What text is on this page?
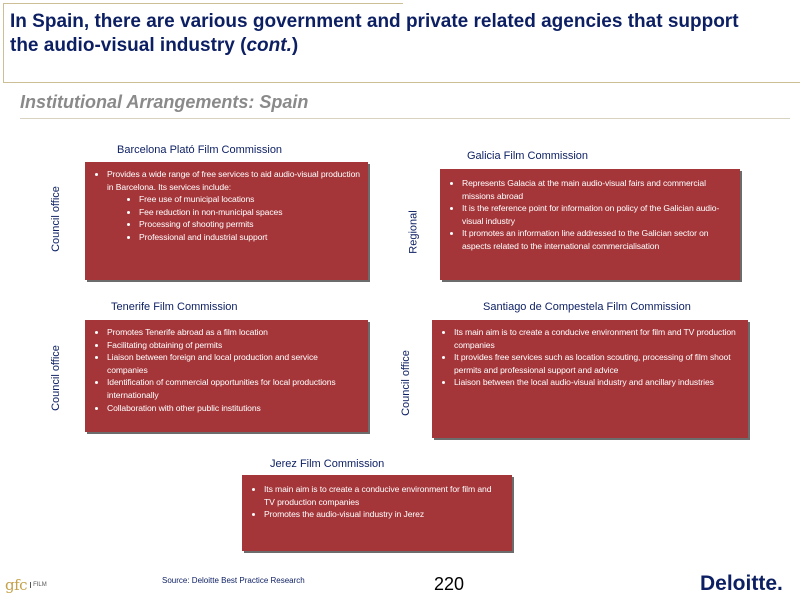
In Spain, there are various government and private related agencies that support
the audio-visual industry (cont.)
Institutional Arrangements: Spain
Barcelona Plató Film Commission
Council office
• Provides a wide range of free services to aid audio-visual production in Barcelona. Its services include:
• Free use of municipal locations
• Fee reduction in non-municipal spaces
• Processing of shooting permits
• Professional and industrial support
Galicia Film Commission
Regional
• Represents Galacia at the main audio-visual fairs and commercial missions abroad
• It is the reference point for information on policy of the Galician audio-visual industry
• It promotes an information line addressed to the Galician sector on aspects related to the international commercialisation
Tenerife Film Commission
Council office
• Promotes Tenerife abroad as a film location
• Facilitating obtaining of permits
• Liaison between foreign and local production and service companies
• Identification of commercial opportunities for local productions internationally
• Collaboration with other public institutions
Santiago de Compestela Film Commission
Council office
• Its main aim is to create a conducive environment for film and TV production companies
• It provides free services such as location scouting, processing of film shoot permits and professional support and advice
• Liaison between the local audio-visual industry and ancillary industries
Jerez Film Commission
• Its main aim is to create a conducive environment for film and TV production companies
• Promotes the audio-visual industry in Jerez
gfc	FILM	Source: Deloitte Best Practice Research	220	Deloitte.
